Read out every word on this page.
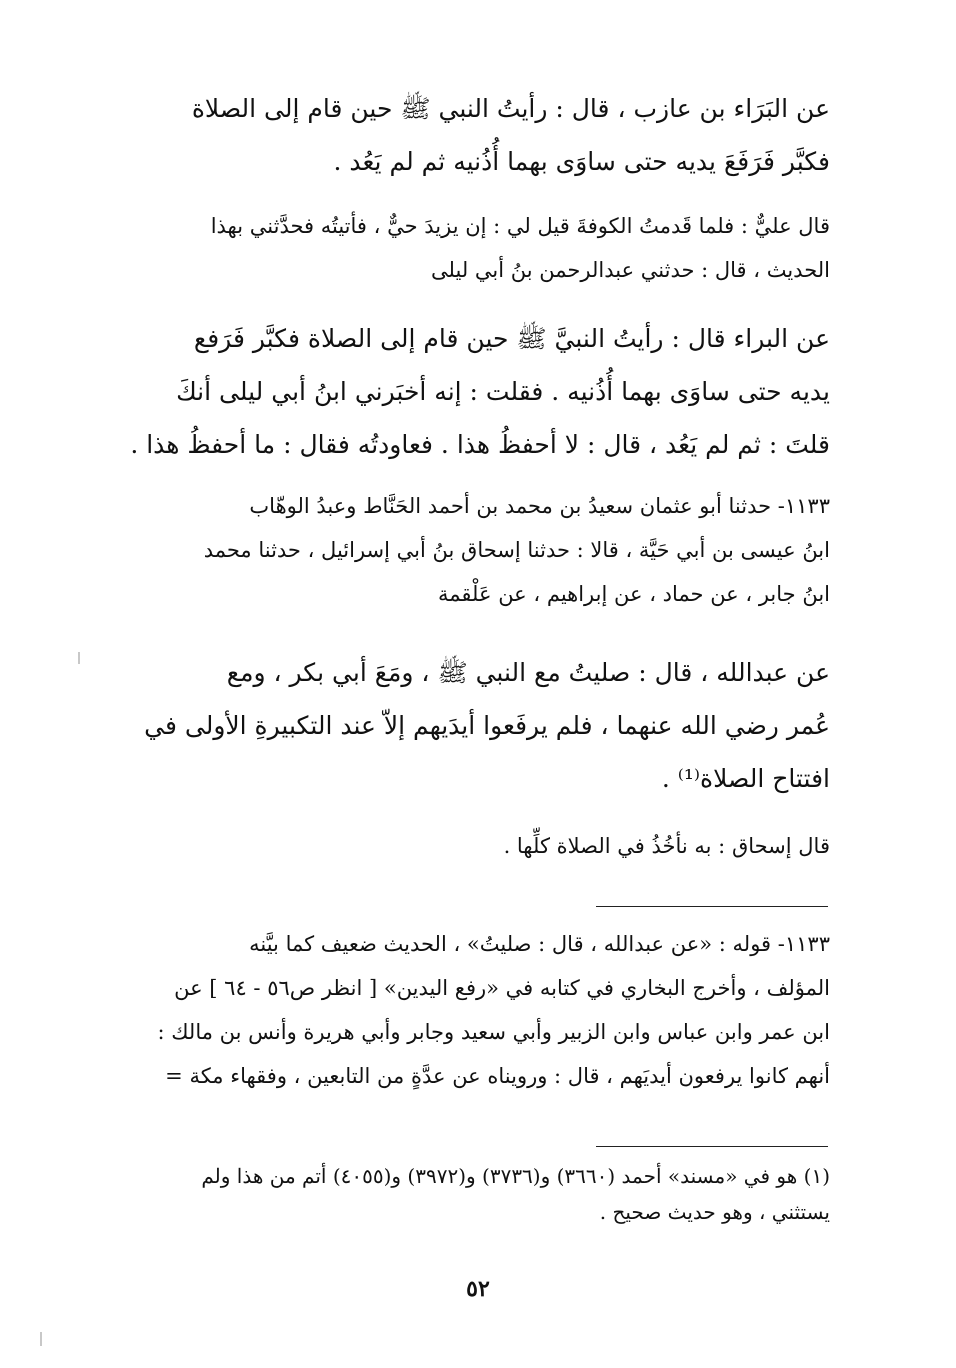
عن البَرَاء بن عازب ، قال : رأيتُ النبي ﷺ حين قام إلى الصلاة
فكبَّر فَرَفَعَ يديه حتى ساوَى بهما أُذُنيه ثم لم يَعُد .

قال عليٌّ : فلما قَدمتُ الكوفةَ قيل لي : إن يزيدَ حيٌّ ، فأتيتُه فحدَّثني بهذا
الحديث ، قال : حدثني عبدالرحمن بنُ أبي ليلى

عن البراء قال : رأيتُ النبيَّ ﷺ حين قام إلى الصلاة فكبَّر فَرَفع
يديه حتى ساوَى بهما أُذُنيه . فقلت : إنه أخبَرني ابنُ أبي ليلى أنكَ
قلتَ : ثم لم يَعُد ، قال : لا أحفظُ هذا . فعاودتُه فقال : ما أحفظُ هذا .

١١٣٣- حدثنا أبو عثمان سعيدُ بن محمد بن أحمد الحَنَّاط وعبدُ الوهّاب
ابنُ عيسى بن أبي حَيَّة ، قالا : حدثنا إسحاق بنُ أبي إسرائيل ، حدثنا محمد
ابنُ جابر ، عن حماد ، عن إبراهيم ، عن عَلْقمة

عن عبدالله ، قال : صليتُ مع النبي ﷺ ، ومَعَ أبي بكر ، ومع
عُمر رضي الله عنهما ، فلم يرفَعوا أيدَيهم إلاّ عند التكبيرةِ الأولى في
افتتاح الصلاة⁽¹⁾ .

قال إسحاق : به نأخُذُ في الصلاة كلِّها .

١١٣٣- قوله : «عن عبدالله ، قال : صليتُ» ، الحديث ضعيف كما بيَّنه
المؤلف ، وأخرج البخاري في كتابه في «رفع اليدين» [ انظر ص٥٦ - ٦٤ ] عن
ابن عمر وابن عباس وابن الزبير وأبي سعيد وجابر وأبي هريرة وأنس بن مالك :
أنهم كانوا يرفعون أيديَهم ، قال : ورويناه عن عدَّةٍ من التابعين ، وفقهاء مكة =

(١) هو في «مسند» أحمد (٣٦٦٠) و(٣٧٣٦) و(٣٩٧٢) و(٤٠٥٥) أتم من هذا ولم
يستثني ، وهو حديث صحيح .

٥٢
